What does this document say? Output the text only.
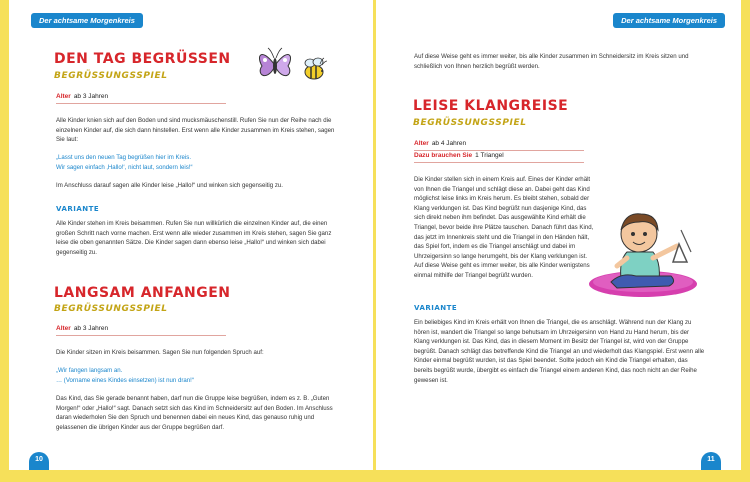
Der achtsame Morgenkreis
DEN TAG BEGRÜSSEN
BEGRÜSSUNGSSPIEL
Alter ab 3 Jahren

Alle Kinder knien sich auf den Boden und sind mucksmäuschenstill. Rufen Sie nun der Reihe nach die einzelnen Kinder auf, die sich dann hinstellen. Erst wenn alle Kinder zusammen im Kreis stehen, sagen Sie laut:

„Lasst uns den neuen Tag begrüßen hier im Kreis.
Wir sagen einfach ‚Hallo!‘, nicht laut, sondern leis!“

Im Anschluss darauf sagen alle Kinder leise „Hallo!“ und winken sich gegenseitig zu.

VARIANTE

Alle Kinder stehen im Kreis beisammen. Rufen Sie nun willkürlich die einzelnen Kinder auf, die einen großen Schritt nach vorne machen. Erst wenn alle wieder zusammen im Kreis stehen, sagen Sie ganz leise die oben genannten Sätze. Die Kinder sagen dann ebenso leise „Hallo!“ und winken sich dabei gegenseitig zu.

LANGSAM ANFANGEN
BEGRÜSSUNGSSPIEL
Alter ab 3 Jahren

Die Kinder sitzen im Kreis beisammen. Sagen Sie nun folgenden Spruch auf:

„Wir fangen langsam an.
… (Vorname eines Kindes einsetzen) ist nun dran!“

Das Kind, das Sie gerade benannt haben, darf nun die Gruppe leise begrüßen, indem es z. B. „Guten Morgen!“ oder „Hallo!“ sagt. Danach setzt sich das Kind im Schneidersitz auf den Boden. Im Anschluss daran wiederholen Sie den Spruch und benennen dabei ein neues Kind, das genauso ruhig und gelassenen die übrigen Kinder aus der Gruppe begrüßen darf.

10
Der achtsame Morgenkreis

Auf diese Weise geht es immer weiter, bis alle Kinder zusammen im Schneidersitz im Kreis sitzen und schließlich von Ihnen herzlich begrüßt werden.

LEISE KLANGREISE
BEGRÜSSUNGSSPIEL
Alter ab 4 Jahren
Dazu brauchen Sie 1 Triangel

Die Kinder stellen sich in einem Kreis auf. Eines der Kinder erhält von Ihnen die Triangel und schlägt diese an. Dabei geht das Kind möglichst leise links im Kreis herum. Es bleibt stehen, sobald der Klang verklungen ist. Das Kind begrüßt nun dasjenige Kind, das sich direkt neben ihm befindet. Das ausgewählte Kind erhält die Triangel, bevor beide ihre Plätze tauschen. Danach führt das Kind, das jetzt im Innenkreis steht und die Triangel in den Händen hält, das Spiel fort, indem es die Triangel anschlägt und dabei im Uhrzeigersinn so lange herumgeht, bis der Klang verklungen ist. Auf diese Weise geht es immer weiter, bis alle Kinder wenigstens einmal mithilfe der Triangel begrüßt wurden.

VARIANTE

Ein beliebiges Kind im Kreis erhält von Ihnen die Triangel, die es anschlägt. Während nun der Klang zu hören ist, wandert die Triangel so lange behutsam im Uhrzeigersinn von Hand zu Hand herum, bis der Klang verklungen ist. Das Kind, das in diesem Moment im Besitz der Triangel ist, wird von der Gruppe begrüßt. Danach schlägt das betreffende Kind die Triangel an und wiederholt das Klangspiel. Erst wenn alle Kinder einmal begrüßt wurden, ist das Spiel beendet. Sollte jedoch ein Kind die Triangel erhalten, das bereits begrüßt wurde, übergibt es einfach die Triangel einem anderen Kind, das noch nicht an der Reihe gewesen ist.

11
